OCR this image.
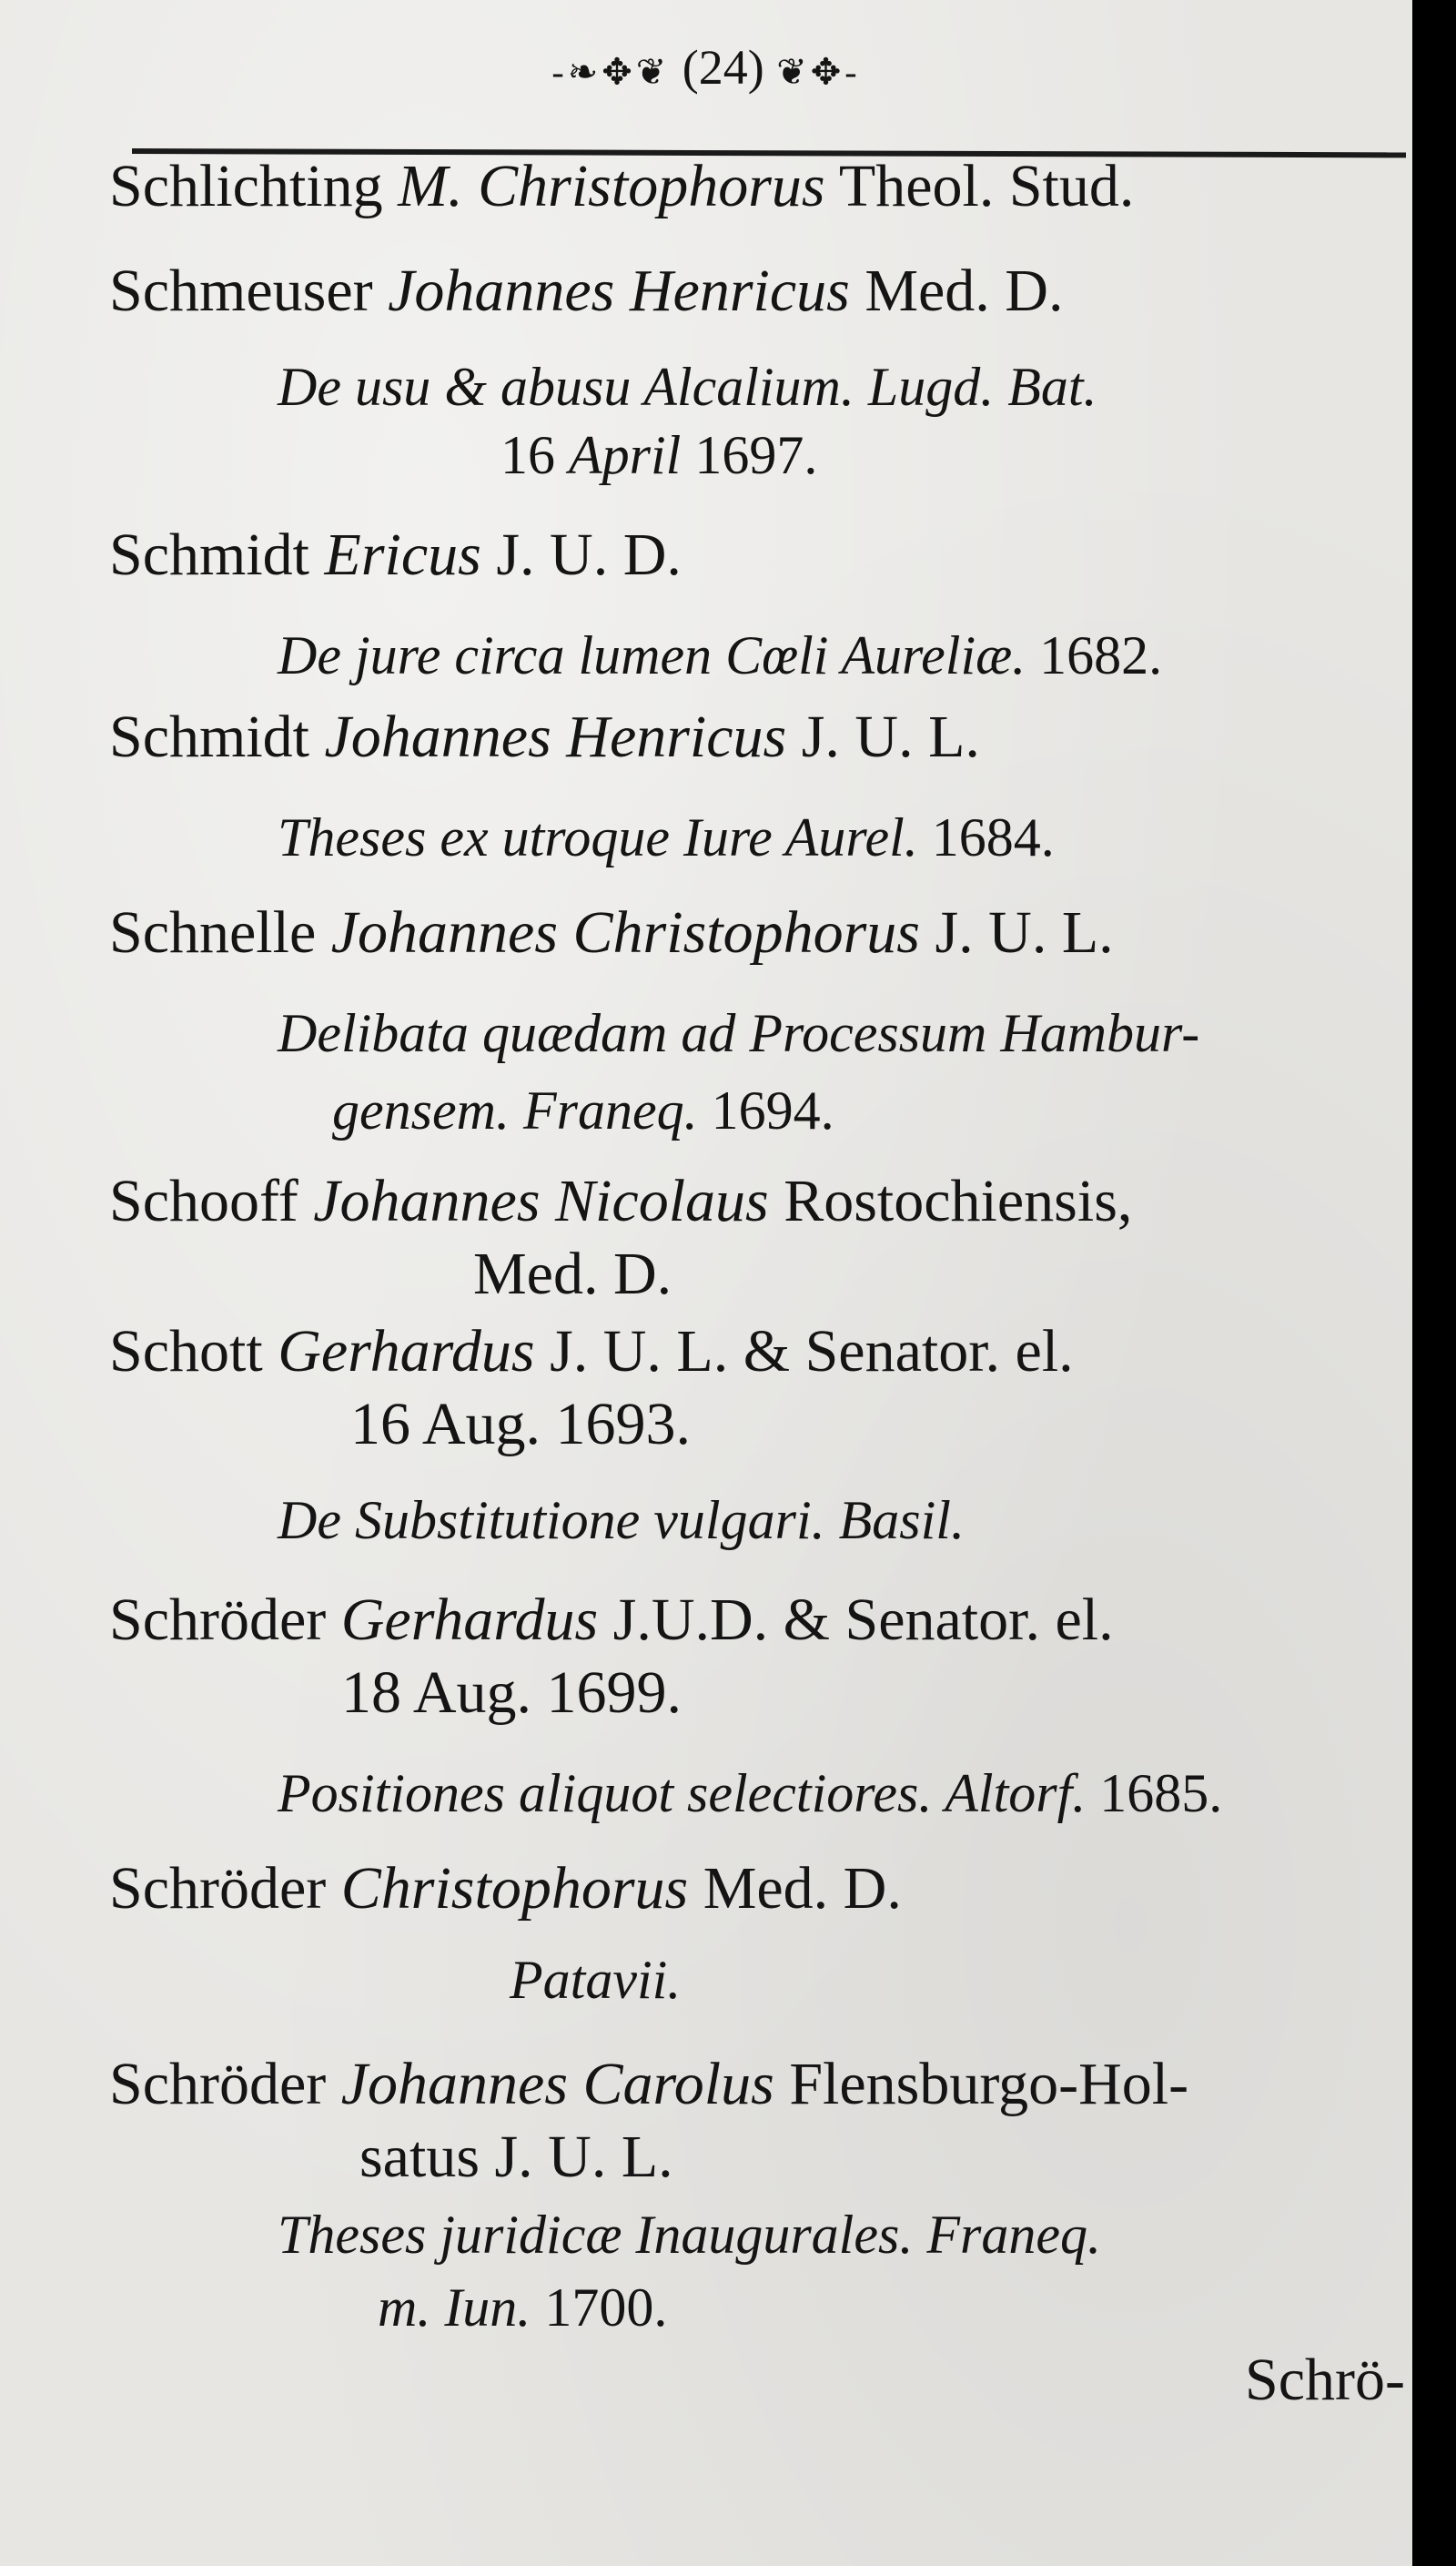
-❧✥❦ (24) ❦✥-
Schlichting M. Christophorus Theol. Stud.
Schmeuser Johannes Henricus Med. D.
De usu & abusu Alcalium. Lugd. Bat.
16 April 1697.
Schmidt Ericus J. U. D.
De jure circa lumen Cœli Aureliæ. 1682.
Schmidt Johannes Henricus J. U. L.
Theses ex utroque Iure Aurel. 1684.
Schnelle Johannes Christophorus J. U. L.
Delibata quædam ad Processum Hambur-
gensem. Franeq. 1694.
Schooff Johannes Nicolaus Rostochiensis,
Med. D.
Schott Gerhardus J. U. L. & Senator. el.
16 Aug. 1693.
De Substitutione vulgari. Basil.
Schröder Gerhardus J.U.D. & Senator. el.
18 Aug. 1699.
Positiones aliquot selectiores. Altorf. 1685.
Schröder Christophorus Med. D.
Patavii.
Schröder Johannes Carolus Flensburgo-Hol-
satus J. U. L.
Theses juridicæ Inaugurales. Franeq.
m. Iun. 1700.
Schrö-
